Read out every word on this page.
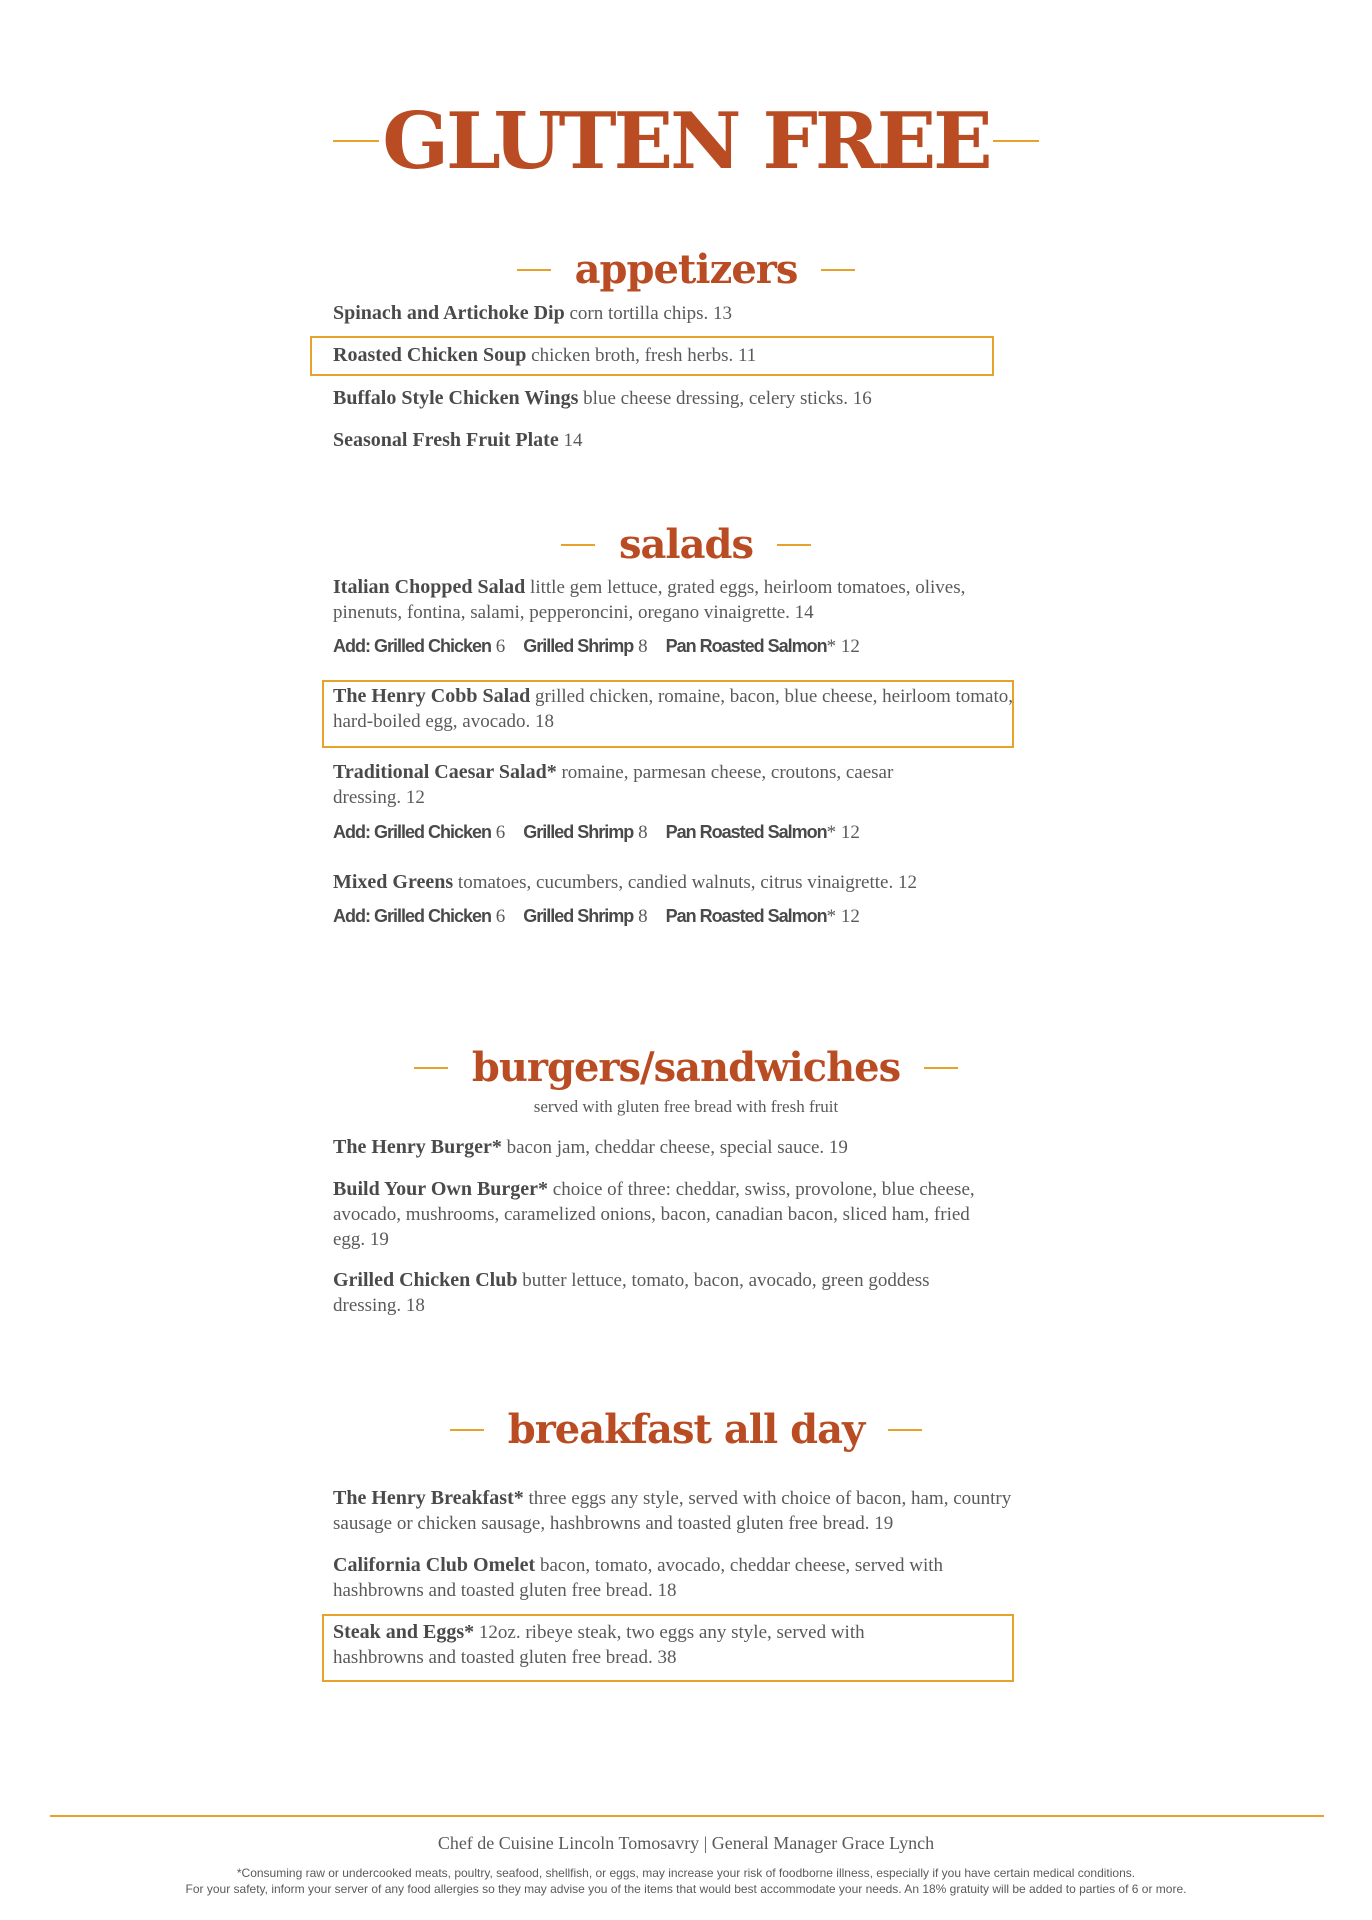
GLUTEN FREE
appetizers
Spinach and Artichoke Dip corn tortilla chips. 13
Roasted Chicken Soup chicken broth, fresh herbs. 11
Buffalo Style Chicken Wings blue cheese dressing, celery sticks. 16
Seasonal Fresh Fruit Plate 14
salads
Italian Chopped Salad little gem lettuce, grated eggs, heirloom tomatoes, olives, pinenuts, fontina, salami, pepperoncini, oregano vinaigrette. 14
Add: Grilled Chicken 6 Grilled Shrimp 8 Pan Roasted Salmon* 12
The Henry Cobb Salad grilled chicken, romaine, bacon, blue cheese, heirloom tomato, hard-boiled egg, avocado. 18
Traditional Caesar Salad* romaine, parmesan cheese, croutons, caesar dressing. 12
Add: Grilled Chicken 6 Grilled Shrimp 8 Pan Roasted Salmon* 12
Mixed Greens tomatoes, cucumbers, candied walnuts, citrus vinaigrette. 12
Add: Grilled Chicken 6 Grilled Shrimp 8 Pan Roasted Salmon* 12
burgers/sandwiches
served with gluten free bread with fresh fruit
The Henry Burger* bacon jam, cheddar cheese, special sauce. 19
Build Your Own Burger* choice of three: cheddar, swiss, provolone, blue cheese, avocado, mushrooms, caramelized onions, bacon, canadian bacon, sliced ham, fried egg. 19
Grilled Chicken Club butter lettuce, tomato, bacon, avocado, green goddess dressing. 18
breakfast all day
The Henry Breakfast* three eggs any style, served with choice of bacon, ham, country sausage or chicken sausage, hashbrowns and toasted gluten free bread. 19
California Club Omelet bacon, tomato, avocado, cheddar cheese, served with hashbrowns and toasted gluten free bread. 18
Steak and Eggs* 12oz. ribeye steak, two eggs any style, served with hashbrowns and toasted gluten free bread. 38
Chef de Cuisine Lincoln Tomosavry | General Manager Grace Lynch
*Consuming raw or undercooked meats, poultry, seafood, shellfish, or eggs, may increase your risk of foodborne illness, especially if you have certain medical conditions.
For your safety, inform your server of any food allergies so they may advise you of the items that would best accommodate your needs. An 18% gratuity will be added to parties of 6 or more.
